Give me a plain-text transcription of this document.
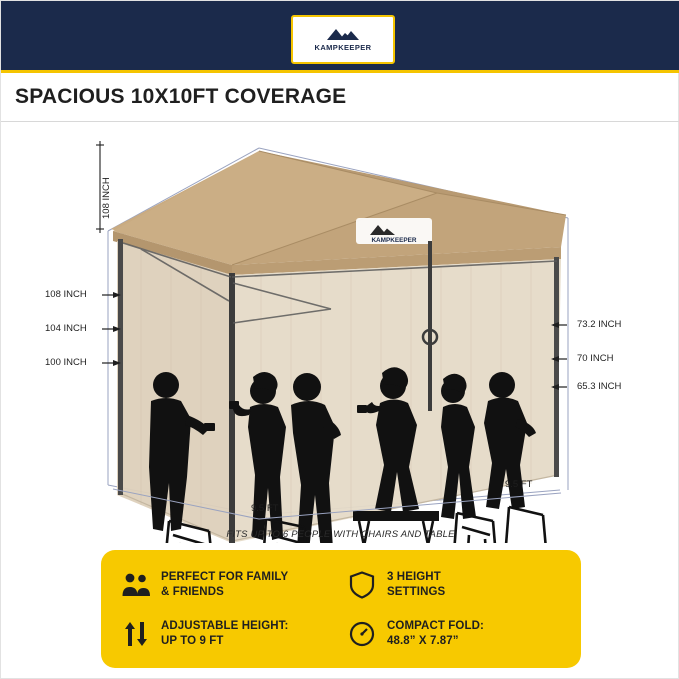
KAMPKEEPER
SPACIOUS 10X10FT COVERAGE
KAMPKEEPER
108 INCH
108 INCH
104 INCH
100 INCH
73.2 INCH
70 INCH
65.3 INCH
9.5 FT
9.5 FT
FITS UP TO 6 PEOPLE WITH CHAIRS AND TABLE
PERFECT FOR FAMILY
& FRIENDS
3 HEIGHT
SETTINGS
ADJUSTABLE HEIGHT:
UP TO 9 FT
COMPACT FOLD:
48.8” X 7.87”
